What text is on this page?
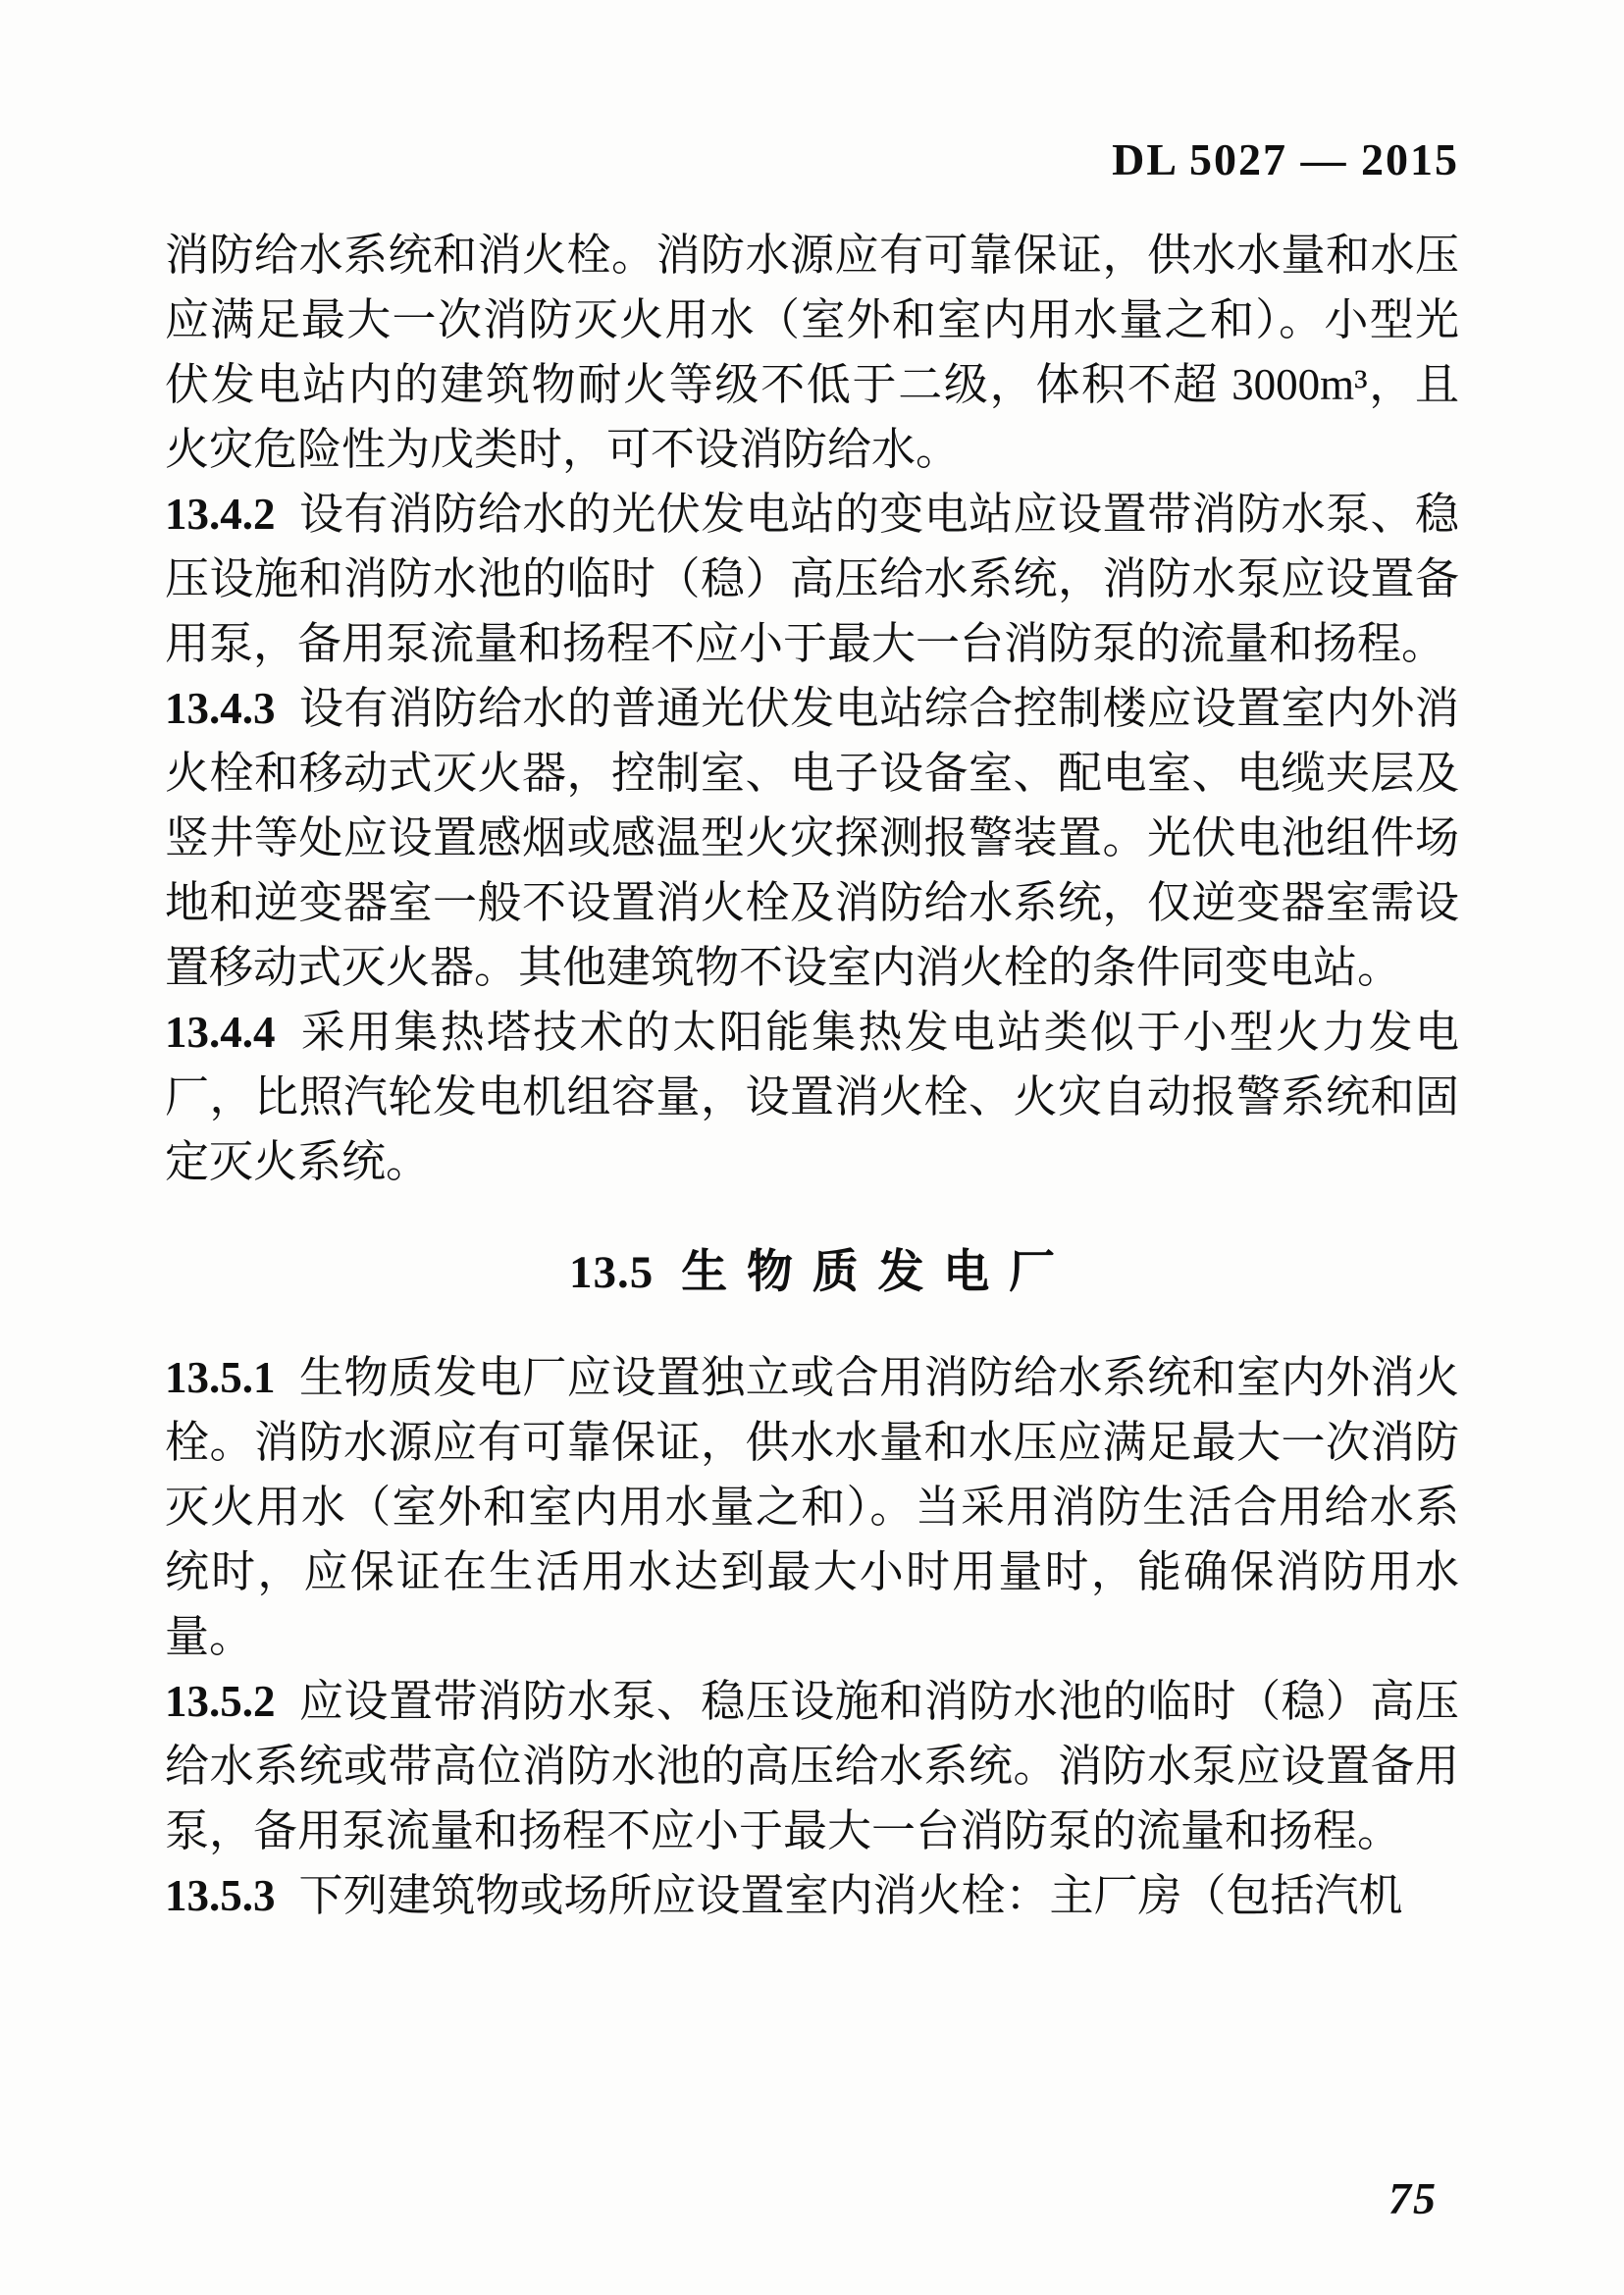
DL 5027 — 2015

消防给水系统和消火栓。消防水源应有可靠保证，供水水量和水压应满足最大一次消防灭火用水（室外和室内用水量之和）。小型光伏发电站内的建筑物耐火等级不低于二级，体积不超 3000m³，且火灾危险性为戊类时，可不设消防给水。

13.4.2 设有消防给水的光伏发电站的变电站应设置带消防水泵、稳压设施和消防水池的临时（稳）高压给水系统，消防水泵应设置备用泵，备用泵流量和扬程不应小于最大一台消防泵的流量和扬程。

13.4.3 设有消防给水的普通光伏发电站综合控制楼应设置室内外消火栓和移动式灭火器，控制室、电子设备室、配电室、电缆夹层及竖井等处应设置感烟或感温型火灾探测报警装置。光伏电池组件场地和逆变器室一般不设置消火栓及消防给水系统，仅逆变器室需设置移动式灭火器。其他建筑物不设室内消火栓的条件同变电站。

13.4.4 采用集热塔技术的太阳能集热发电站类似于小型火力发电厂，比照汽轮发电机组容量，设置消火栓、火灾自动报警系统和固定灭火系统。

13.5 生物质发电厂

13.5.1 生物质发电厂应设置独立或合用消防给水系统和室内外消火栓。消防水源应有可靠保证，供水水量和水压应满足最大一次消防灭火用水（室外和室内用水量之和）。当采用消防生活合用给水系统时，应保证在生活用水达到最大小时用量时，能确保消防用水量。

13.5.2 应设置带消防水泵、稳压设施和消防水池的临时（稳）高压给水系统或带高位消防水池的高压给水系统。消防水泵应设置备用泵，备用泵流量和扬程不应小于最大一台消防泵的流量和扬程。

13.5.3 下列建筑物或场所应设置室内消火栓：主厂房（包括汽机

75
